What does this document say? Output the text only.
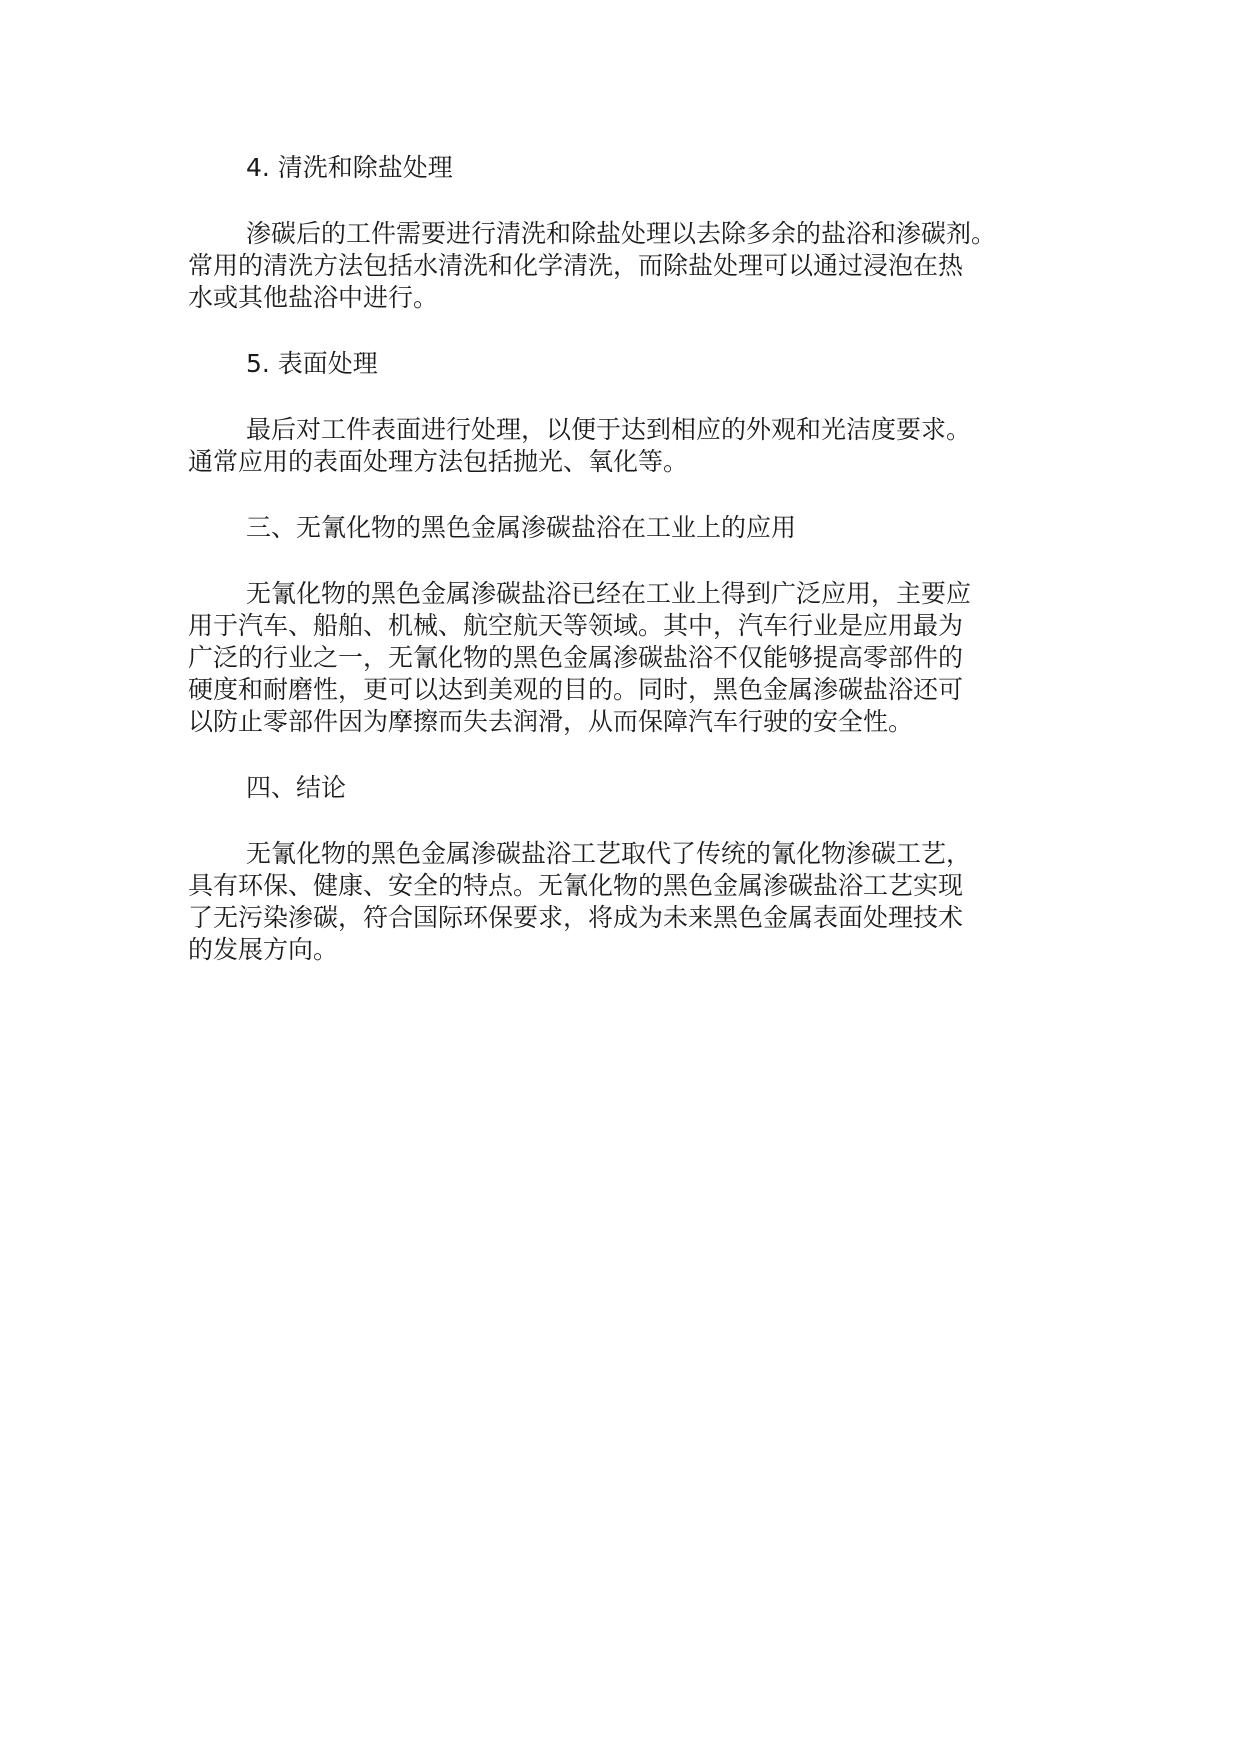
4. 清洗和除盐处理
渗碳后的工件需要进行清洗和除盐处理以去除多余的盐浴和渗碳剂。
常用的清洗方法包括水清洗和化学清洗，而除盐处理可以通过浸泡在热
水或其他盐浴中进行。
5. 表面处理
最后对工件表面进行处理，以便于达到相应的外观和光洁度要求。
通常应用的表面处理方法包括抛光、氧化等。
三、无氰化物的黑色金属渗碳盐浴在工业上的应用
无氰化物的黑色金属渗碳盐浴已经在工业上得到广泛应用，主要应
用于汽车、船舶、机械、航空航天等领域。其中，汽车行业是应用最为
广泛的行业之一，无氰化物的黑色金属渗碳盐浴不仅能够提高零部件的
硬度和耐磨性，更可以达到美观的目的。同时，黑色金属渗碳盐浴还可
以防止零部件因为摩擦而失去润滑，从而保障汽车行驶的安全性。
四、结论
无氰化物的黑色金属渗碳盐浴工艺取代了传统的氰化物渗碳工艺，
具有环保、健康、安全的特点。无氰化物的黑色金属渗碳盐浴工艺实现
了无污染渗碳，符合国际环保要求，将成为未来黑色金属表面处理技术
的发展方向。
